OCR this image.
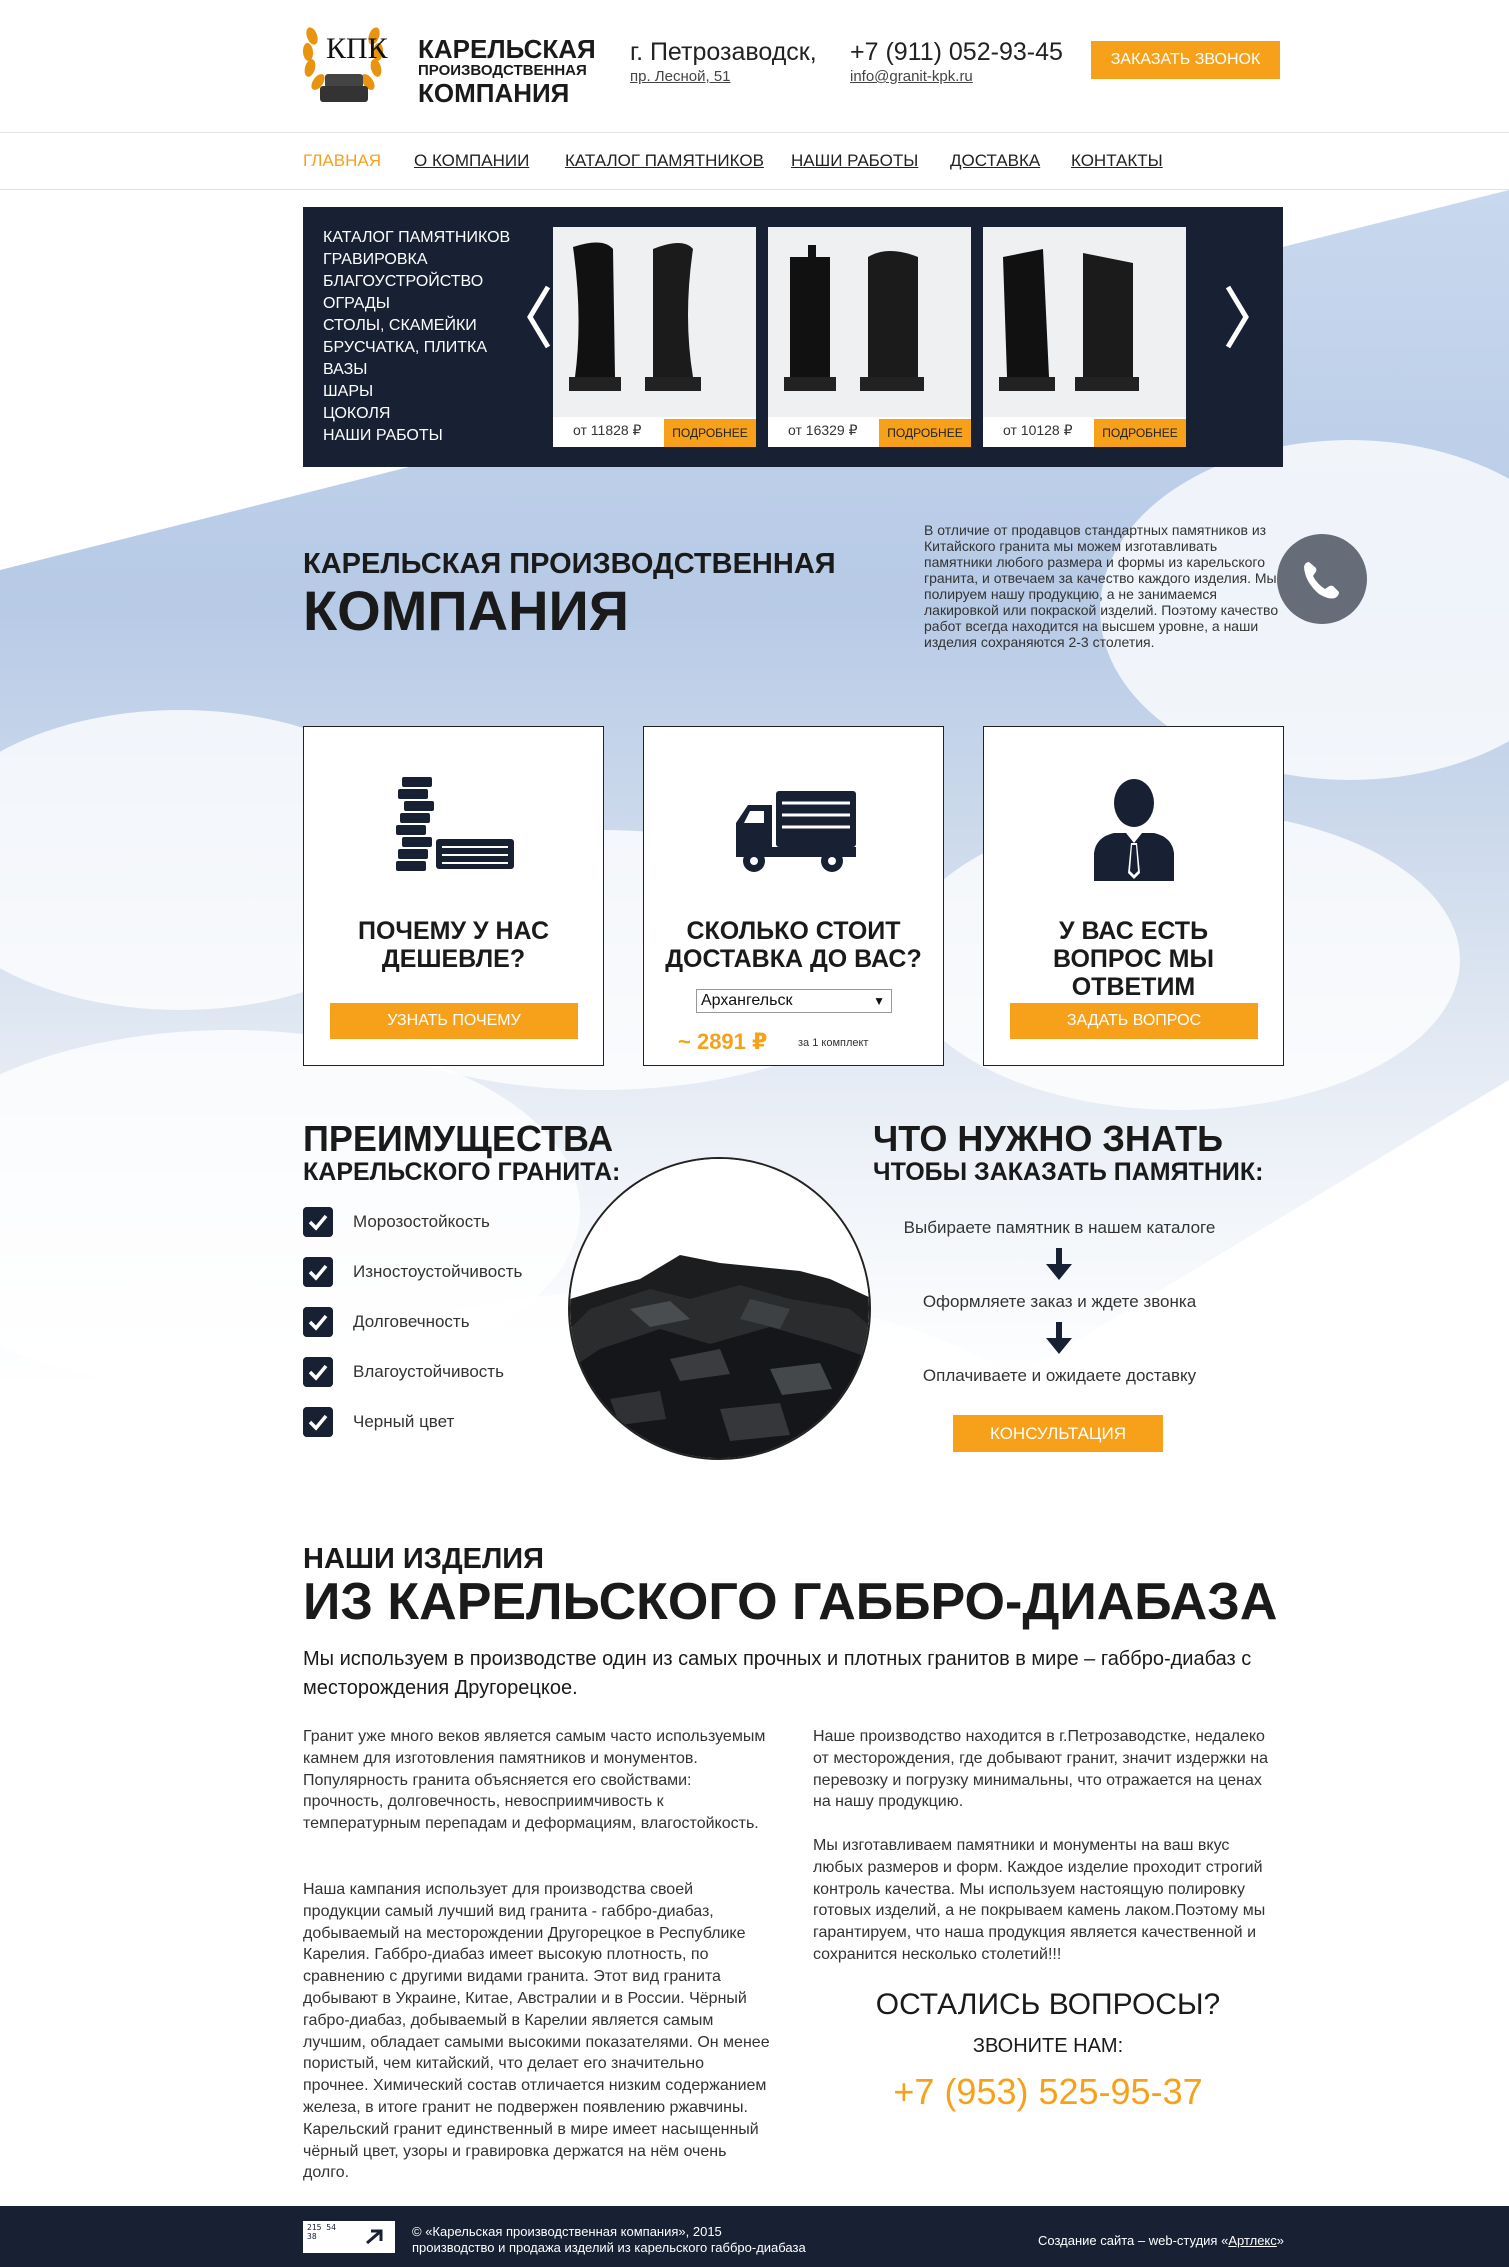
КПК КАРЕЛЬСКАЯ
ПРОИЗВОДСТВЕННАЯ
КОМПАНИЯ
г. Петрозаводск,
пр. Лесной, 51
+7 (911) 052-93-45
info@granit-kpk.ru
ЗАКАЗАТЬ ЗВОНОК
ГЛАВНАЯ О КОМПАНИИ КАТАЛОГ ПАМЯТНИКОВ НАШИ РАБОТЫ ДОСТАВКА КОНТАКТЫ
КАТАЛОГ ПАМЯТНИКОВ
ГРАВИРОВКА
БЛАГОУСТРОЙСТВО
ОГРАДЫ
СТОЛЫ, СКАМЕЙКИ
БРУСЧАТКА, ПЛИТКА
ВАЗЫ
ШАРЫ
ЦОКОЛЯ
НАШИ РАБОТЫ	от 11828 ₽	ПОДРОБНЕЕ	от 16329 ₽	ПОДРОБНЕЕ	от 10128 ₽	ПОДРОБНЕЕ
КАРЕЛЬСКАЯ ПРОИЗВОДСТВЕННАЯ
КОМПАНИЯ

В отличие от продавцов стандартных памятников из Китайского гранита мы можем изготавливать памятники любого размера и формы из карельского гранита, и отвечаем за качество каждого изделия. Мы полируем нашу продукцию, а не занимаемся лакировкой или покраской изделий. Поэтому качество работ всегда находится на высшем уровне, а наши изделия сохраняются 2-3 столетия.

ПОЧЕМУ У НАС ДЕШЕВЛЕ?
УЗНАТЬ ПОЧЕМУ
СКОЛЬКО СТОИТ ДОСТАВКА ДО ВАС?
Архангельск	▼
~ 2891 ₽	за 1 комплект
У ВАС ЕСТЬ ВОПРОС МЫ ОТВЕТИМ
ЗАДАТЬ ВОПРОС
ПРЕИМУЩЕСТВА
КАРЕЛЬСКОГО ГРАНИТА:
Морозостойкость
Изностоустойчивость
Долговечность
Влагоустойчивость
Черный цвет
ЧТО НУЖНО ЗНАТЬ
ЧТОБЫ ЗАКАЗАТЬ ПАМЯТНИК:
Выбираете памятник в нашем каталоге
Оформляете заказ и ждете звонка
Оплачиваете и ожидаете доставку
КОНСУЛЬТАЦИЯ
НАШИ ИЗДЕЛИЯ
ИЗ КАРЕЛЬСКОГО ГАББРО-ДИАБАЗА

Мы используем в производстве один из самых прочных и плотных гранитов в мире – габбро-диабаз с месторождения Другорецкое.

Гранит уже много веков является самым часто используемым камнем для изготовления памятников и монументов. Популярность гранита объясняется его свойствами: прочность, долговечность, невосприимчивость к температурным перепадам и деформациям, влагостойкость.

Наша кампания использует для производства своей продукции самый лучший вид гранита - габбро-диабаз, добываемый на месторождении Другорецкое в Республике Карелия. Габбро-диабаз имеет высокую плотность, по сравнению с другими видами гранита. Этот вид гранита добывают в Украине, Китае, Австралии и в России. Чёрный габро-диабаз, добываемый в Карелии является самым лучшим, обладает самыми высокими показателями. Он менее пористый, чем китайский, что делает его значительно прочнее. Химический состав отличается низким содержанием железа, в итоге гранит не подвержен появлению ржавчины. Карельский гранит единственный в мире имеет насыщенный чёрный цвет, узоры и гравировка держатся на нём очень долго.

Наше производство находится в г.Петрозаводстке, недалеко от месторождения, где добывают гранит, значит издержки на перевозку и погрузку минимальны, что отражается на ценах на нашу продукцию.

Мы изготавливаем памятники и монументы на ваш вкус любых размеров и форм. Каждое изделие проходит строгий контроль качества. Мы используем настоящую полировку готовых изделий, а не покрываем камень лаком.Поэтому мы гарантируем, что наша продукция является качественной и сохранится несколько столетий!!!

ОСТАЛИСЬ ВОПРОСЫ?
ЗВОНИТЕ НАМ:
+7 (953) 525-95-37
215 54 38	© «Карельская производственная компания», 2015
производство и продажа изделий из карельского габбро-диабаза	Создание сайта – web-студия «Артлекс»
